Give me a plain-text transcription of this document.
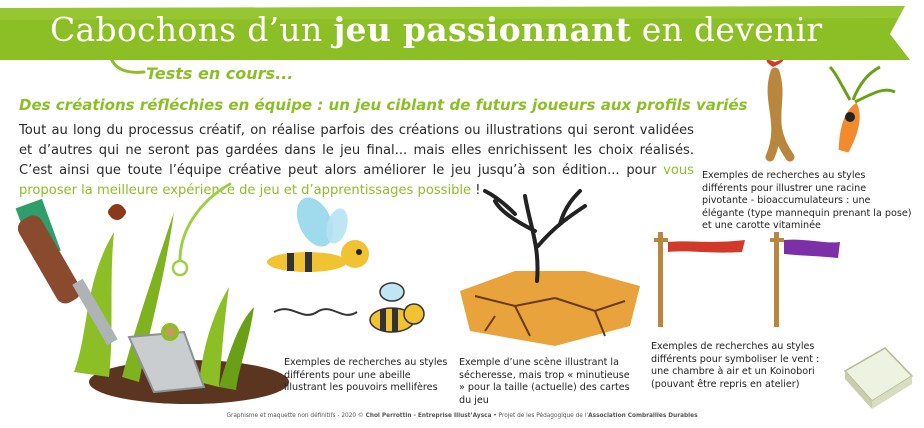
Cabochons d’un jeu passionnant en devenir
Tests en cours...
Des créations réfléchies en équipe : un jeu ciblant de futurs joueurs aux profils variés
Tout au long du processus créatif, on réalise parfois des créations ou illustrations qui seront validées et d’autres qui ne seront pas gardées dans le jeu final... mais elles enrichissent les choix réalisés. C’est ainsi que toute l’équipe créative peut alors améliorer le jeu jusqu’à son édition... pour vous proposer la meilleure expérience de jeu et d’apprentissages possible !
Exemples de recherches au styles différents pour une abeille illustrant les pouvoirs mellifères
Exemple d’une scène illustrant la sécheresse, mais trop « minutieuse » pour la taille (actuelle) des cartes du jeu
Exemples de recherches au styles différents pour illustrer une racine pivotante - bioaccumulateurs : une élégante (type mannequin prenant la pose) et une carotte vitaminée
Exemples de recherches au styles différents pour symboliser le vent : une chambre à air et un Koinobori (pouvant être repris en atelier)
Graphisme et maquette non définitifs - 2020 © Chol Perrottin - Entreprise Illust’Aysca • Projet de les Pédagogique de l’Association Combrailles Durables
